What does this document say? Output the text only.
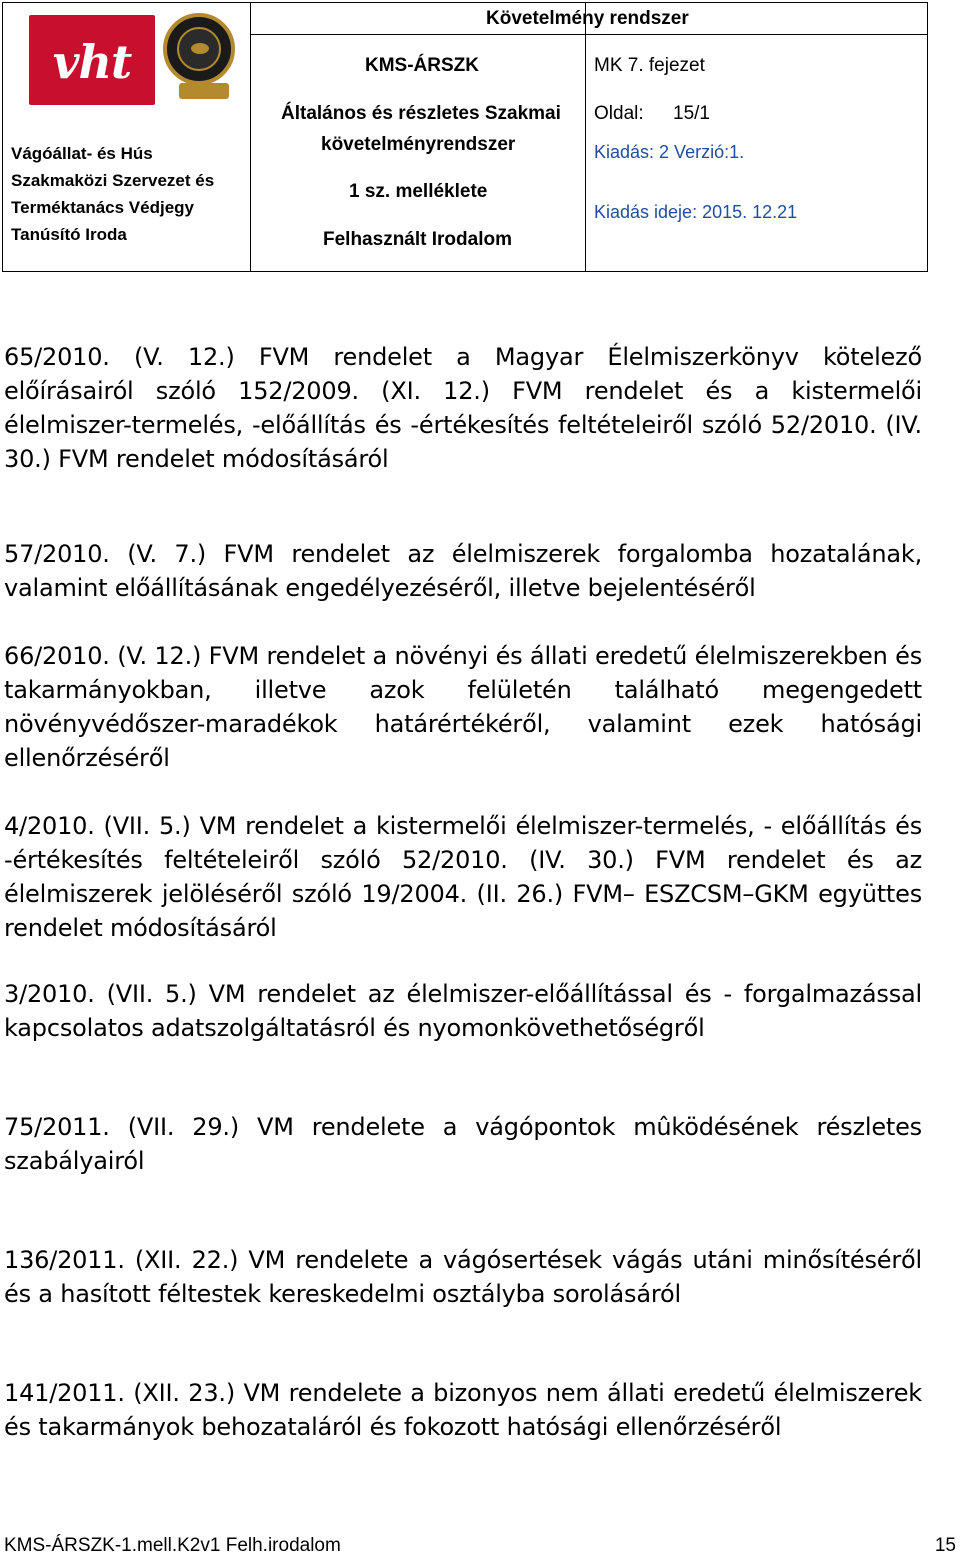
vht
Vágóállat- és Hús
Szakmaközi Szervezet és
Terméktanács Védjegy
Tanúsító Iroda
KMS-ÁRSZK
Általános és részletes Szakmai
követelményrendszer
1 sz. melléklete
Felhasznált Irodalom
Követelmény rendszer
MK 7. fejezet
Oldal: 15/1
Kiadás: 2 Verzió:1.
Kiadás ideje: 2015. 12.21
65/2010. (V. 12.) FVM rendelet a Magyar Élelmiszerkönyv kötelező előírásairól szóló 152/2009. (XI. 12.) FVM rendelet és a kistermelői élelmiszer-termelés, -előállítás és -értékesítés feltételeiről szóló 52/2010. (IV. 30.) FVM rendelet módosításáról
57/2010. (V. 7.) FVM rendelet az élelmiszerek forgalomba hozatalának, valamint előállításának engedélyezéséről, illetve bejelentéséről
66/2010. (V. 12.) FVM rendelet a növényi és állati eredetű élelmiszerekben és takarmányokban, illetve azok felületén található megengedett növényvédőszer-maradékok határértékéről, valamint ezek hatósági ellenőrzéséről
4/2010. (VII. 5.) VM rendelet a kistermelői élelmiszer-termelés, - előállítás és -értékesítés feltételeiről szóló 52/2010. (IV. 30.) FVM rendelet és az élelmiszerek jelöléséről szóló 19/2004. (II. 26.) FVM– ESZCSM–GKM együttes rendelet módosításáról
3/2010. (VII. 5.) VM rendelet az élelmiszer-előállítással és - forgalmazással kapcsolatos adatszolgáltatásról és nyomonkövethetőségről
75/2011. (VII. 29.) VM rendelete a vágópontok mûködésének részletes szabályairól
136/2011. (XII. 22.) VM rendelete a vágósertések vágás utáni minősítéséről és a hasított féltestek kereskedelmi osztályba sorolásáról
141/2011. (XII. 23.) VM rendelete a bizonyos nem állati eredetű élelmiszerek és takarmányok behozataláról és fokozott hatósági ellenőrzéséről
KMS-ÁRSZK-1.mell.K2v1 Felh.irodalom	15
